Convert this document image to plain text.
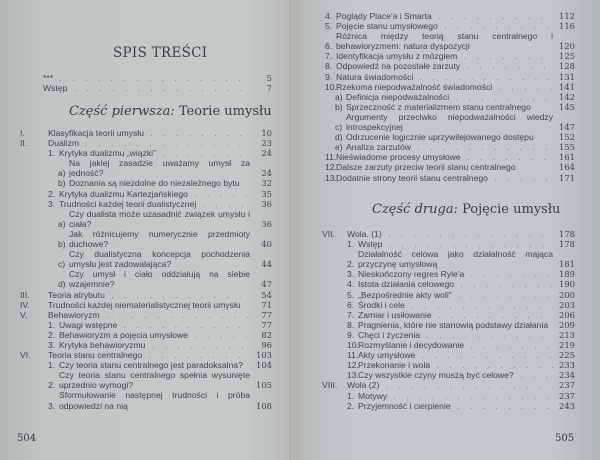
SPIS TREŚCI
*** . . .	5
Wstęp . . .	7
Część pierwsza: Teorie umysłu
I.	Klasyfikacja teorii umysłu . . .	10
II.	Dualizm . . .	23
1. Krytyka dualizmu „wiązki” . . .	24
a)
Na jakiej zasadzie uważamy umysł za jedność?	24
b) Doznania są niezdolne do niezależnego bytu	32
2. Krytyka dualizmu Kartezjańskiego . . .	35
3. Trudności każdej teorii dualistycznej . . .	36
a)
Czy dualista może uzasadnić związek umysłu i ciała?	36
b)
Jak różnicujemy numerycznie przedmioty duchowe?	40
c)
Czy dualistyczna koncepcja pochodzenia umysłu jest zadowalająca?	44
d)
Czy umysł i ciało oddziałują na siebie wzajemnie?	47
III.	Teoria atrybutu . . .	54
IV.	Trudności każdej niematerialistycznej teorii umysłu	71
V.	Behawioryzm . . .	77
1. Uwagi wstępne . . .	77
2. Behawioryzm a pojęcia umysłowe . . .	82
3. Krytyka behawioryzmu . . .	96
VI.	Teoria stanu centralnego . . .	103
1. Czy teoria stanu centralnego jest paradoksalna?	104
2.
Czy teoria stanu centralnego spełnia wysunięte uprzednio wymogi?	105
3.
Sformułowanie następnej trudności i próba odpowiedzi na nią	108
504
4. Poglądy Place'a i Smarta . . .	112
5. Pojęcie stanu umysłowego . . .	116
6.
Różnica między teorią stanu centralnego i behawioryzmem: natura dyspozycji	120
7. Identyfikacja umysłu z mózgiem . . .	125
8. Odpowiedź na pozostałe zarzuty . . .	128
9. Natura świadomości . . .	131
10. Rzekoma niepodważalność świadomości . . .	141
a) Definicja niepodważalności . . .	142
b) Sprzeczność z materializmem stanu centralnego	145
c)
Argumenty przeciwko niepodważalności wiedzy introspekcyjnej	147
d) Odrzucenie logicznie uprzywilejowanego dostępu	152
e) Analiza zarzutów . . .	155
11. Nieświadome procesy umysłowe . . .	161
12. Dalsze zarzuty przeciw teorii stanu centralnego	164
13. Dodatnie strony teorii stanu centralnego . . .	171
Część druga: Pojęcie umysłu
VII.	Wola. (1) . . .	178
1. Wstęp . . .	178
2.
Działalność celowa jako działalność mająca przyczynę umysłową	181
3. Nieskończony regres Ryle'a . . .	189
4. Istota działania celowego . . .	190
5. „Bezpośrednie akty woli” . . .	200
6. Środki i cele . . .	203
7. Zamiar i usiłowanie . . .	206
8. Pragnienia, które nie stanowią podstawy działania	209
9. Chęci i życzenia . . .	213
10. Rozmyślanie i decydowanie . . .	219
11. Akty umysłowe . . .	225
12. Przekonanie i wola . . .	233
13. Czy wszystkie czyny muszą być celowe? . . .	234
VIII.	Wola (2) . . .	237
1. Motywy . . .	237
2. Przyjemność i cierpienie . . .	243
505
